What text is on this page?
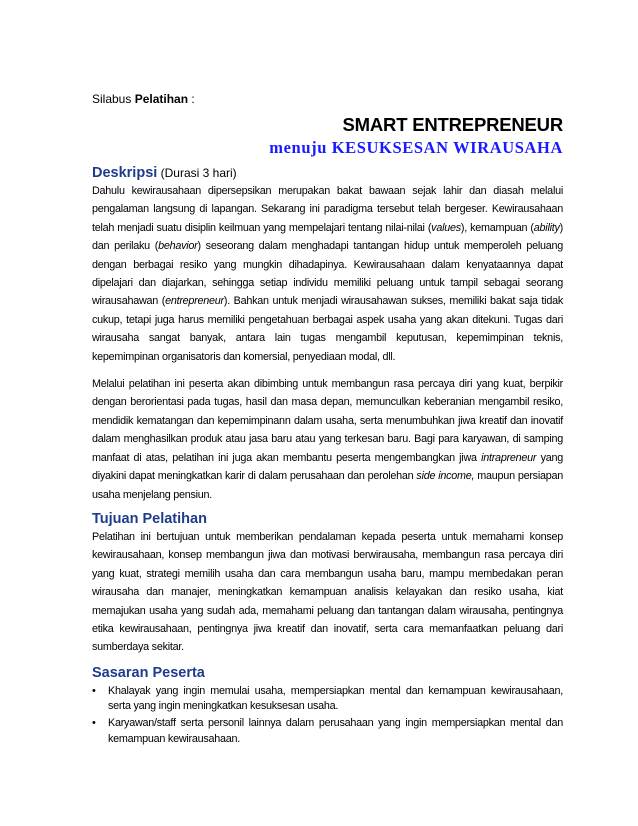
Silabus Pelatihan :

SMART ENTREPRENEUR
menuju KESUKSESAN WIRAUSAHA
Deskripsi (Durasi 3 hari)

Dahulu kewirausahaan dipersepsikan merupakan bakat bawaan sejak lahir dan diasah melalui pengalaman langsung di lapangan. Sekarang ini paradigma tersebut telah bergeser. Kewirausahaan telah menjadi suatu disiplin keilmuan yang mempelajari tentang nilai-nilai (values), kemampuan (ability) dan perilaku (behavior) seseorang dalam menghadapi tantangan hidup untuk memperoleh peluang dengan berbagai resiko yang mungkin dihadapinya. Kewirausahaan dalam kenyataannya dapat dipelajari dan diajarkan, sehingga setiap individu memiliki peluang untuk tampil sebagai seorang wirausahawan (entrepreneur). Bahkan untuk menjadi wirausahawan sukses, memiliki bakat saja tidak cukup, tetapi juga harus memiliki pengetahuan berbagai aspek usaha yang akan ditekuni. Tugas dari wirausaha sangat banyak, antara lain tugas mengambil keputusan, kepemimpinan teknis, kepemimpinan organisatoris dan komersial, penyediaan modal, dll.

Melalui pelatihan ini peserta akan dibimbing untuk membangun rasa percaya diri yang kuat, berpikir dengan berorientasi pada tugas, hasil dan masa depan, memunculkan keberanian mengambil resiko, mendidik kematangan dan kepemimpinann dalam usaha, serta menumbuhkan jiwa kreatif dan inovatif dalam menghasilkan produk atau jasa baru atau yang terkesan baru. Bagi para karyawan, di samping manfaat di atas, pelatihan ini juga akan membantu peserta mengembangkan jiwa intrapreneur yang diyakini dapat meningkatkan karir di dalam perusahaan dan perolehan side income, maupun persiapan usaha menjelang pensiun.

Tujuan Pelatihan

Pelatihan ini bertujuan untuk memberikan pendalaman kepada peserta untuk memahami konsep kewirausahaan, konsep membangun jiwa dan motivasi berwirausaha, membangun rasa percaya diri yang kuat, strategi memilih usaha dan cara membangun usaha baru, mampu membedakan peran wirausaha dan manajer, meningkatkan kemampuan analisis kelayakan dan resiko usaha, kiat memajukan usaha yang sudah ada, memahami peluang dan tantangan dalam wirausaha, pentingnya etika kewirausahaan, pentingnya jiwa kreatif dan inovatif, serta cara memanfaatkan peluang dari sumberdaya sekitar.

Sasaran Peserta
• Khalayak yang ingin memulai usaha, mempersiapkan mental dan kemampuan kewirausahaan, serta yang ingin meningkatkan kesuksesan usaha.
• Karyawan/staff serta personil lainnya dalam perusahaan yang ingin mempersiapkan mental dan kemampuan kewirausahaan.
